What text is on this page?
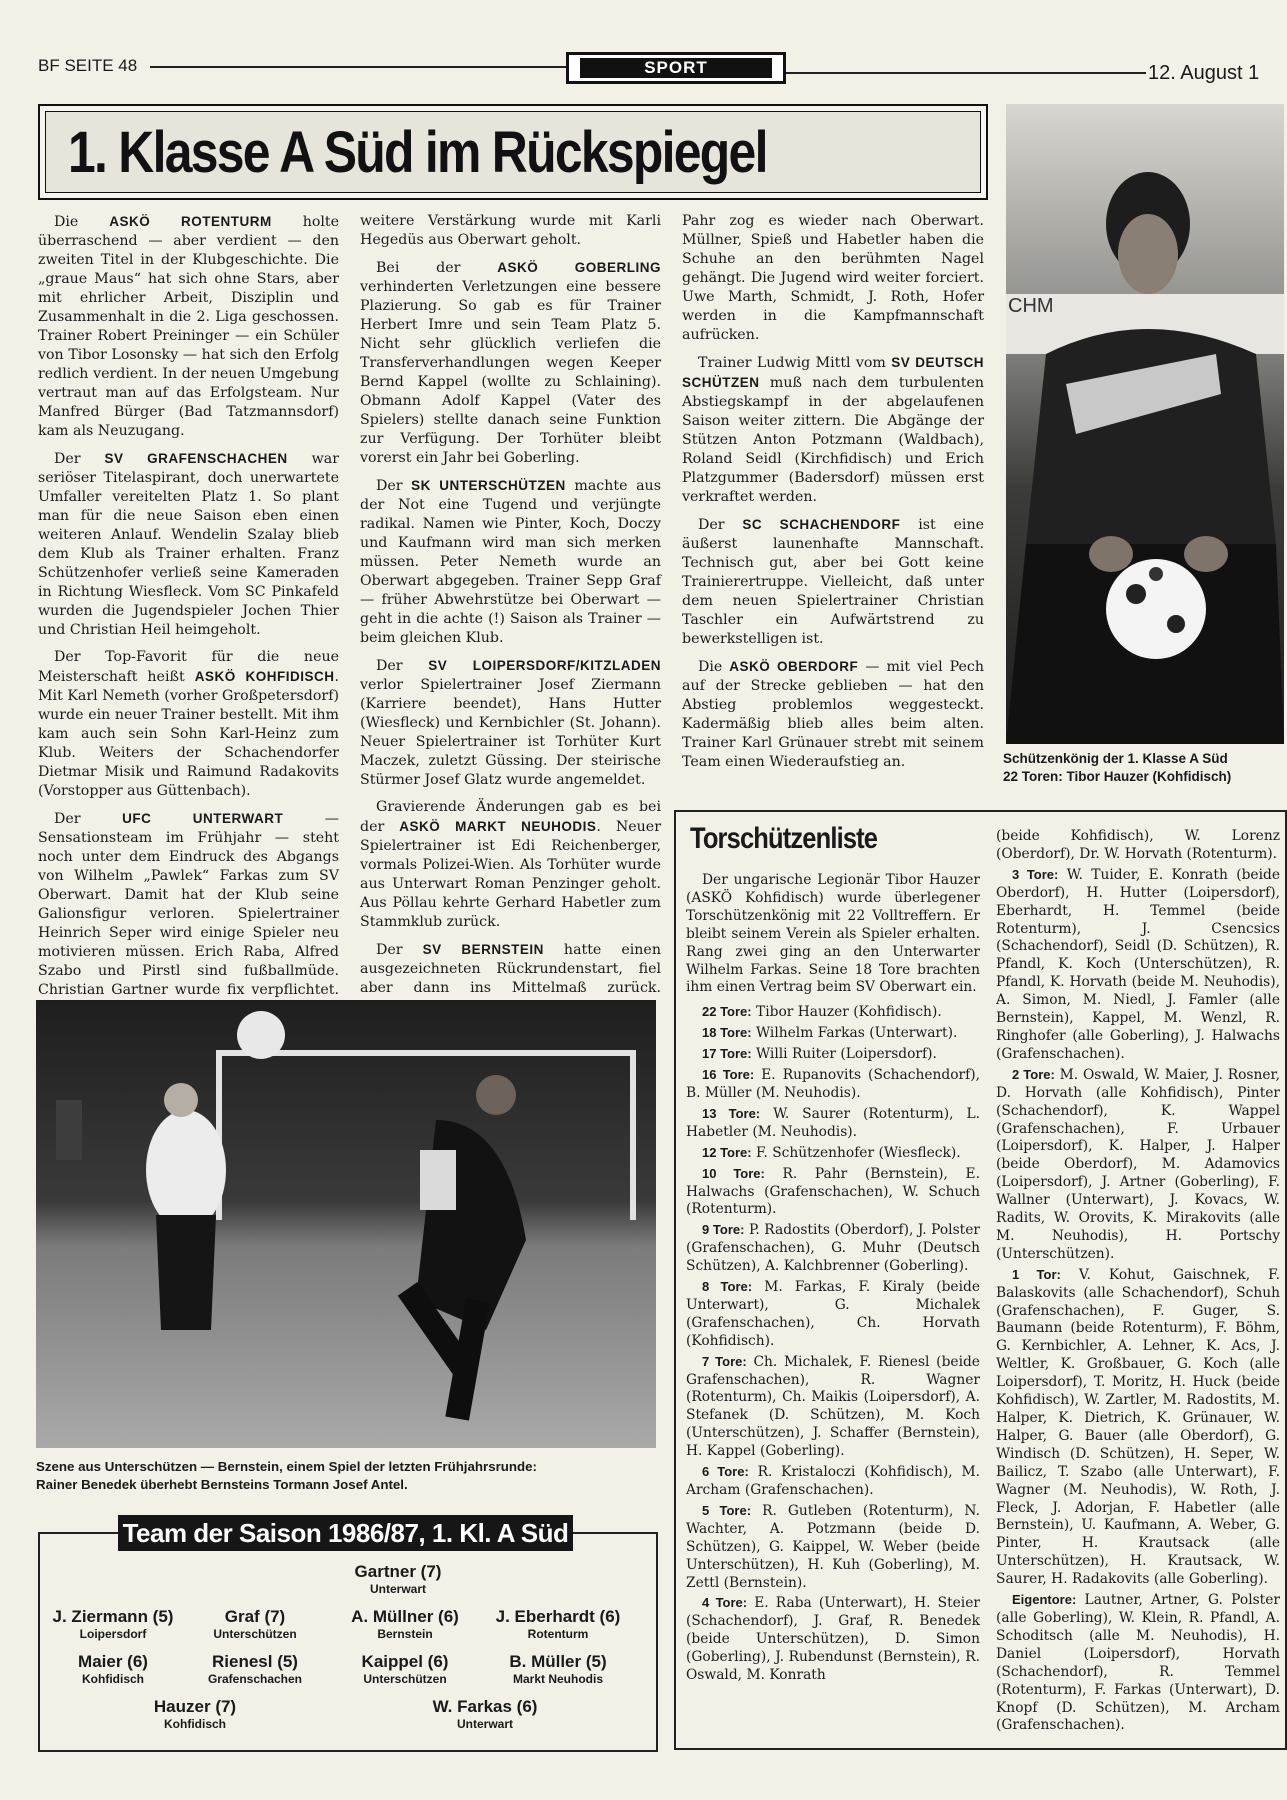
BF SEITE 48	SPORT	12. August 1
1. Klasse A Süd im Rückspiegel

Die ASKÖ ROTENTURM holte überraschend — aber verdient — den zweiten Titel in der Klubgeschichte. Die „graue Maus“ hat sich ohne Stars, aber mit ehrlicher Arbeit, Disziplin und Zusammenhalt in die 2. Liga geschossen. Trainer Robert Preininger — ein Schüler von Tibor Losonsky — hat sich den Erfolg redlich verdient. In der neuen Umgebung vertraut man auf das Erfolgsteam. Nur Manfred Bürger (Bad Tatzmannsdorf) kam als Neuzugang.

Der SV GRAFENSCHACHEN war seriöser Titelaspirant, doch unerwartete Umfaller vereitelten Platz 1. So plant man für die neue Saison eben einen weiteren Anlauf. Wendelin Szalay blieb dem Klub als Trainer erhalten. Franz Schützenhofer verließ seine Kameraden in Richtung Wiesfleck. Vom SC Pinkafeld wurden die Jugendspieler Jochen Thier und Christian Heil heimgeholt.

Der Top-Favorit für die neue Meisterschaft heißt ASKÖ KOHFIDISCH. Mit Karl Nemeth (vorher Großpetersdorf) wurde ein neuer Trainer bestellt. Mit ihm kam auch sein Sohn Karl-Heinz zum Klub. Weiters der Schachendorfer Dietmar Misik und Raimund Radakovits (Vorstopper aus Güttenbach).

Der UFC UNTERWART	— Sensationsteam im Frühjahr — steht noch unter dem Eindruck des Abgangs von Wilhelm „Pawlek“ Farkas zum SV Oberwart. Damit hat der Klub seine Galionsfigur verloren. Spielertrainer Heinrich Seper wird einige Spieler neu motivieren müssen. Erich Raba, Alfred Szabo und Pirstl sind fußballmüde. Christian Gartner wurde fix verpflichtet.

weitere Verstärkung wurde mit Karli Hegedüs aus Oberwart geholt.

Bei der ASKÖ GOBERLING verhinderten Verletzungen eine bessere Plazierung. So gab es für Trainer Herbert Imre und sein Team Platz 5. Nicht sehr glücklich verliefen die Transferverhandlungen wegen Keeper Bernd Kappel (wollte zu Schlaining). Obmann Adolf Kappel (Vater des Spielers) stellte danach seine Funktion zur Verfügung. Der Torhüter bleibt vorerst ein Jahr bei Goberling.

Der SK UNTERSCHÜTZEN machte aus der Not eine Tugend und verjüngte radikal. Namen wie Pinter, Koch, Doczy und Kaufmann wird man sich merken müssen. Peter Nemeth wurde an Oberwart abgegeben. Trainer Sepp Graf — früher Abwehrstütze bei Oberwart — geht in die achte (!) Saison als Trainer — beim gleichen Klub.

Der SV LOIPERSDORF/KITZLADEN verlor Spielertrainer Josef Ziermann (Karriere beendet), Hans Hutter (Wiesfleck) und Kernbichler (St. Johann). Neuer Spielertrainer ist Torhüter Kurt Maczek, zuletzt Güssing. Der steirische Stürmer Josef Glatz wurde angemeldet.

Gravierende Änderungen gab es bei der ASKÖ MARKT NEUHODIS. Neuer Spielertrainer ist Edi Reichenberger, vormals Polizei-Wien. Als Torhüter wurde aus Unterwart Roman Penzinger geholt. Aus Pöllau kehrte Gerhard Habetler zum Stammklub zurück.

Der SV BERNSTEIN hatte einen ausgezeichneten Rückrundenstart, fiel aber dann ins Mittelmaß zurück.

Pahr zog es wieder nach Oberwart. Müllner, Spieß und Habetler haben die Schuhe an den berühmten Nagel gehängt. Die Jugend wird weiter forciert. Uwe Marth, Schmidt, J. Roth, Hofer werden in die Kampfmannschaft aufrücken.

Trainer Ludwig Mittl vom SV DEUTSCH SCHÜTZEN muß nach dem turbulenten Abstiegskampf in der abgelaufenen Saison weiter zittern. Die Abgänge der Stützen Anton Potzmann (Waldbach), Roland Seidl (Kirchfidisch) und Erich Platzgummer (Badersdorf) müssen erst verkraftet werden.

Der SC SCHACHENDORF ist eine äußerst launenhafte Mannschaft. Technisch gut, aber bei Gott keine Trainierertruppe. Vielleicht, daß unter dem neuen Spielertrainer Christian Taschler ein Aufwärtstrend zu bewerkstelligen ist.

Die ASKÖ OBERDORF — mit viel Pech auf der Strecke geblieben — hat den Abstieg problemlos weggesteckt. Kadermäßig blieb alles beim alten. Trainer Karl Grünauer strebt mit seinem Team einen Wiederaufstieg an.

CHM
Schützenkönig der 1. Klasse A Süd
22 Toren: Tibor Hauzer (Kohfidisch)
Torschützenliste

Der ungarische Legionär Tibor Hauzer (ASKÖ Kohfidisch) wurde überlegener Torschützenkönig mit 22 Volltreffern. Er bleibt seinem Verein als Spieler erhalten. Rang zwei ging an den Unterwarter Wilhelm Farkas. Seine 18 Tore brachten ihm einen Vertrag beim SV Oberwart ein.

22 Tore: Tibor Hauzer (Kohfidisch).

18 Tore: Wilhelm Farkas (Unterwart).

17 Tore: Willi Ruiter (Loipersdorf).

16 Tore: E. Rupanovits (Schachendorf), B. Müller (M. Neuhodis).

13 Tore: W. Saurer (Rotenturm), L. Habetler (M. Neuhodis).

12 Tore: F. Schützenhofer (Wiesfleck).

10 Tore: R. Pahr (Bernstein), E. Halwachs (Grafenschachen), W. Schuch (Rotenturm).

9 Tore: P. Radostits (Oberdorf), J. Polster (Grafenschachen), G. Muhr (Deutsch Schützen), A. Kalchbrenner (Goberling).

8 Tore: M. Farkas, F. Kiraly (beide Unterwart), G. Michalek (Grafenschachen), Ch. Horvath (Kohfidisch).

7 Tore: Ch. Michalek, F. Rienesl (beide Grafenschachen), R. Wagner (Rotenturm), Ch. Maikis (Loipersdorf), A. Stefanek (D. Schützen), M. Koch (Unterschützen), J. Schaffer (Bernstein), H. Kappel (Goberling).

6 Tore: R. Kristaloczi (Kohfidisch), M. Archam (Grafenschachen).

5 Tore: R. Gutleben (Rotenturm), N. Wachter, A. Potzmann (beide D. Schützen), G. Kaippel, W. Weber (beide Unterschützen), H. Kuh (Goberling), M. Zettl (Bernstein).

4 Tore: E. Raba (Unterwart), H. Steier (Schachendorf), J. Graf, R. Benedek (beide Unterschützen), D. Simon (Goberling), J. Rubendunst (Bernstein), R. Oswald, M. Konrath

(beide Kohfidisch), W. Lorenz (Oberdorf), Dr. W. Horvath (Rotenturm).

3 Tore: W. Tuider, E. Konrath (beide Oberdorf), H. Hutter (Loipersdorf), Eberhardt, H. Temmel (beide Rotenturm), J. Csencsics (Schachendorf), Seidl (D. Schützen), R. Pfandl, K. Koch (Unterschützen), R. Pfandl, K. Horvath (beide M. Neuhodis), A. Simon, M. Niedl, J. Famler (alle Bernstein), Kappel, M. Wenzl, R. Ringhofer (alle Goberling), J. Halwachs (Grafenschachen).

2 Tore: M. Oswald, W. Maier, J. Rosner, D. Horvath (alle Kohfidisch), Pinter (Schachendorf), K. Wappel (Grafenschachen), F. Urbauer (Loipersdorf), K. Halper, J. Halper (beide Oberdorf), M. Adamovics (Loipersdorf), J. Artner (Goberling), F. Wallner (Unterwart), J. Kovacs, W. Radits, W. Orovits, K. Mirakovits (alle M. Neuhodis), H. Portschy (Unterschützen).

1 Tor: V. Kohut, Gaischnek, F. Balaskovits (alle Schachendorf), Schuh (Grafenschachen), F. Guger, S. Baumann (beide Rotenturm), F. Böhm, G. Kernbichler, A. Lehner, K. Acs, J. Weltler, K. Großbauer, G. Koch (alle Loipersdorf), T. Moritz, H. Huck (beide Kohfidisch), W. Zartler, M. Radostits, M. Halper, K. Dietrich, K. Grünauer, W. Halper, G. Bauer (alle Oberdorf), G. Windisch (D. Schützen), H. Seper, W. Bailicz, T. Szabo (alle Unterwart), F. Wagner (M. Neuhodis), W. Roth, J. Fleck, J. Adorjan, F. Habetler (alle Bernstein), U. Kaufmann, A. Weber, G. Pinter, H. Krautsack (alle Unterschützen), H. Krautsack, W. Saurer, H. Radakovits (alle Goberling).

Eigentore: Lautner, Artner, G. Polster (alle Goberling), W. Klein, R. Pfandl, A. Schoditsch (alle M. Neuhodis), H. Daniel (Loipersdorf), Horvath (Schachendorf), R. Temmel (Rotenturm), F. Farkas (Unterwart), D. Knopf (D. Schützen), M. Archam (Grafenschachen).

Szene aus Unterschützen — Bernstein, einem Spiel der letzten Frühjahrsrunde:
Rainer Benedek überhebt Bernsteins Tormann Josef Antel.
Team der Saison 1986/87, 1. Kl. A Süd
Gartner (7)
Unterwart
J. Ziermann (5)
Loipersdorf
Graf (7)
Unterschützen
A. Müllner (6)
Bernstein
J. Eberhardt (6)
Rotenturm
Maier (6)
Kohfidisch
Rienesl (5)
Grafenschachen
Kaippel (6)
Unterschützen
B. Müller (5)
Markt Neuhodis
Hauzer (7)
Kohfidisch
W. Farkas (6)
Unterwart
